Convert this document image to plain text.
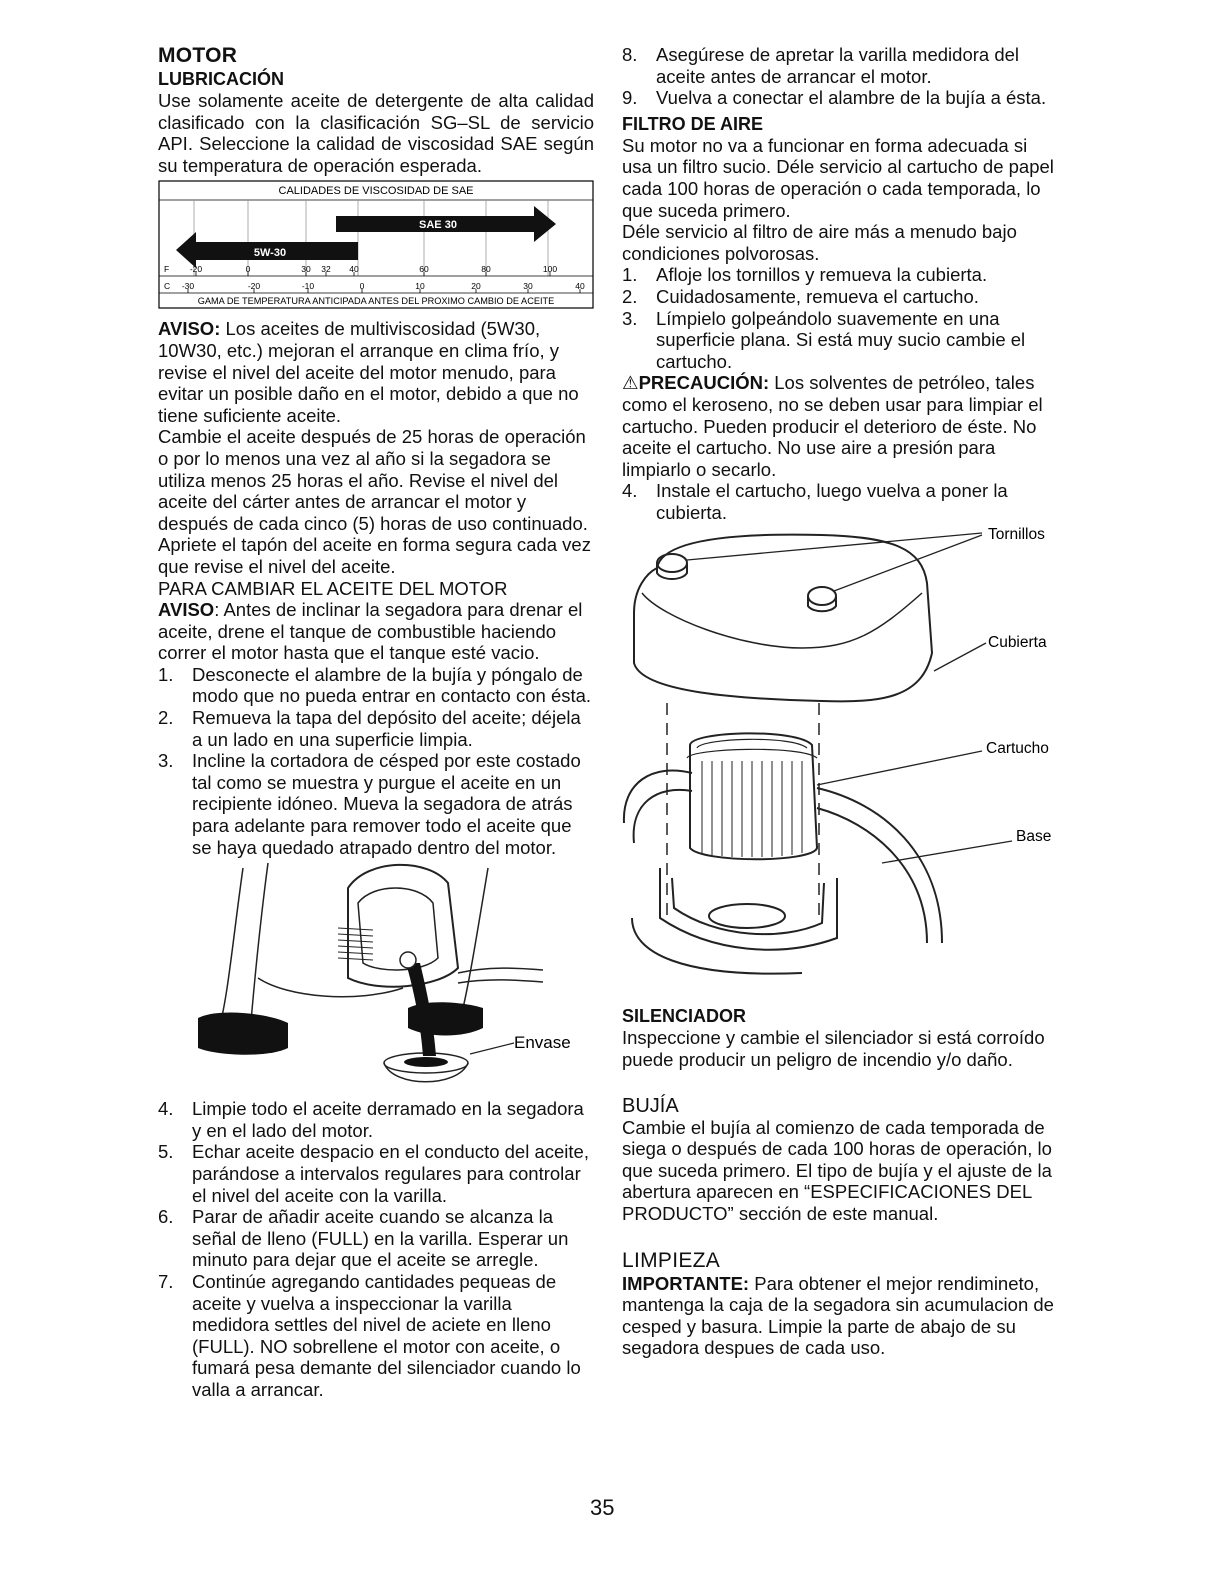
MOTOR
LUBRICACIÓN

Use solamente aceite de detergente de alta calidad clasificado con la clasificación SG–SL de servicio API. Seleccione la calidad de viscosidad SAE según su temperatura de operación esperada.

CALIDADES DE VISCOSIDAD DE SAE
5W-30
SAE 30
F -20	0	30 32 40	60	80	100
C -30	-20	-10	0	10	20	30	40
GAMA DE TEMPERATURA ANTICIPADA ANTES DEL PROXIMO CAMBIO DE ACEITE

AVISO: Los aceites de multiviscosidad (5W30, 10W30, etc.) mejoran el arranque en clima frío, y revise el nivel del aceite del motor menudo, para evitar un posible daño en el motor, debido a que no tiene suficiente aceite.

Cambie el aceite después de 25 horas de operación o por lo menos una vez al año si la segadora se utiliza menos 25 horas el año. Revise el nivel del aceite del cárter antes de arrancar el motor y después de cada cinco (5) horas de uso continuado. Apriete el tapón del aceite en forma segura cada vez que revise el nivel del aceite.

PARA CAMBIAR EL ACEITE DEL MOTOR

AVISO: Antes de inclinar la segadora para drenar el aceite, drene el tanque de combustible haciendo correr el motor hasta que el tanque esté vacio.

1. Desconecte el alambre de la bujía y póngalo de modo que no pueda entrar en contacto con ésta.
2. Remueva la tapa del depósito del aceite; déjela a un lado en una superficie limpia.
3. Incline la cortadora de césped por este costado tal como se muestra y purgue el aceite en un recipiente idóneo. Mueva la segadora de atrás para adelante para remover todo el aceite que se haya quedado atrapado dentro del motor.
Envase
4. Limpie todo el aceite derramado en la segadora y en el lado del motor.
5. Echar aceite despacio en el conducto del aceite, parándose a intervalos regulares para controlar el nivel del aceite con la varilla.
6. Parar de añadir aceite cuando se alcanza la señal de lleno (FULL) en la varilla. Esperar un minuto para dejar que el aceite se arregle.
7. Continúe agregando cantidades pequeas de aceite y vuelva a inspeccionar la varilla medidora settles del nivel de aciete en lleno (FULL). NO sobrellene el motor con aceite, o fumará pesa demante del silenciador cuando lo valla a arrancar.
8. Asegúrese de apretar la varilla medidora del aceite antes de arrancar el motor.
9. Vuelva a conectar el alambre de la bujía a ésta.
FILTRO DE AIRE

Su motor no va a funcionar en forma adecuada si usa un filtro sucio. Déle servicio al cartucho de papel cada 100 horas de operación o cada temporada, lo que suceda primero.

Déle servicio al filtro de aire más a menudo bajo condiciones polvorosas.

1. Afloje los tornillos y remueva la cubierta.
2. Cuidadosamente, remueva el cartucho.
3. Límpielo golpeándolo suavemente en una superficie plana. Si está muy sucio cambie el cartucho.

⚠PRECAUCIÓN: Los solventes de petróleo, tales como el keroseno, no se deben usar para limpiar el cartucho. Pueden producir el deterioro de éste. No aceite el cartucho. No use aire a presión para limpiarlo o secarlo.

4. Instale el cartucho, luego vuelva a poner la cubierta.
Tornillos
Cubierta
Cartucho
Base
SILENCIADOR

Inspeccione y cambie el silenciador si está corroído puede producir un peligro de incendio y/o daño.

BUJÍA

Cambie el bujía al comienzo de cada temporada de siega o después de cada 100 horas de operación, lo que suceda primero. El tipo de bujía y el ajuste de la abertura aparecen en “ESPECIFICACIONES DEL PRODUCTO” sección de este manual.

LIMPIEZA

IMPORTANTE: Para obtener el mejor rendimineto, mantenga la caja de la segadora sin acumulacion de cesped y basura. Limpie la parte de abajo de su segadora despues de cada uso.

35
